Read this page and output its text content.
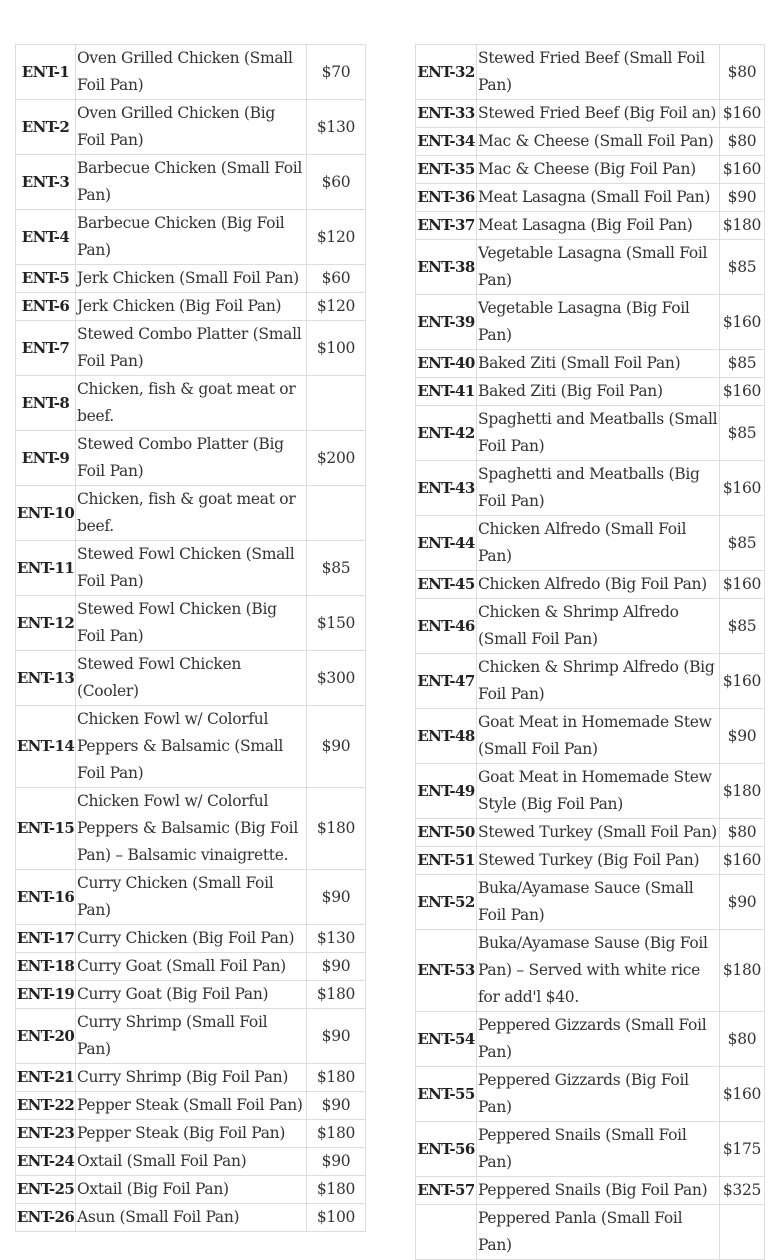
ENT-1	Oven Grilled Chicken (Small Foil Pan)	$70
ENT-2	Oven Grilled Chicken (Big Foil Pan)	$130
ENT-3	Barbecue Chicken (Small Foil Pan)	$60
ENT-4	Barbecue Chicken (Big Foil Pan)	$120
ENT-5	Jerk Chicken (Small Foil Pan)	$60
ENT-6	Jerk Chicken (Big Foil Pan)	$120
ENT-7	Stewed Combo Platter (Small Foil Pan)	$100
ENT-8	Chicken, fish & goat meat or beef.	
ENT-9	Stewed Combo Platter (Big Foil Pan)	$200
ENT-10	Chicken, fish & goat meat or beef.	
ENT-11	Stewed Fowl Chicken (Small Foil Pan)	$85
ENT-12	Stewed Fowl Chicken (Big Foil Pan)	$150
ENT-13	Stewed Fowl Chicken (Cooler)	$300
ENT-14	Chicken Fowl w/ Colorful Peppers & Balsamic (Small Foil Pan)	$90
ENT-15	Chicken Fowl w/ Colorful Peppers & Balsamic (Big Foil Pan) – Balsamic vinaigrette.	$180
ENT-16	Curry Chicken (Small Foil Pan)	$90
ENT-17	Curry Chicken (Big Foil Pan)	$130
ENT-18	Curry Goat (Small Foil Pan)	$90
ENT-19	Curry Goat (Big Foil Pan)	$180
ENT-20	Curry Shrimp (Small Foil Pan)	$90
ENT-21	Curry Shrimp (Big Foil Pan)	$180
ENT-22	Pepper Steak (Small Foil Pan)	$90
ENT-23	Pepper Steak (Big Foil Pan)	$180
ENT-24	Oxtail (Small Foil Pan)	$90
ENT-25	Oxtail (Big Foil Pan)	$180
ENT-26	Asun (Small Foil Pan)	$100
ENT-32	Stewed Fried Beef (Small Foil Pan)	$80
ENT-33	Stewed Fried Beef (Big Foil an)	$160
ENT-34	Mac & Cheese (Small Foil Pan)	$80
ENT-35	Mac & Cheese (Big Foil Pan)	$160
ENT-36	Meat Lasagna (Small Foil Pan)	$90
ENT-37	Meat Lasagna (Big Foil Pan)	$180
ENT-38	Vegetable Lasagna (Small Foil Pan)	$85
ENT-39	Vegetable Lasagna (Big Foil Pan)	$160
ENT-40	Baked Ziti (Small Foil Pan)	$85
ENT-41	Baked Ziti (Big Foil Pan)	$160
ENT-42	Spaghetti and Meatballs (Small Foil Pan)	$85
ENT-43	Spaghetti and Meatballs (Big Foil Pan)	$160
ENT-44	Chicken Alfredo (Small Foil Pan)	$85
ENT-45	Chicken Alfredo (Big Foil Pan)	$160
ENT-46	Chicken & Shrimp Alfredo (Small Foil Pan)	$85
ENT-47	Chicken & Shrimp Alfredo (Big Foil Pan)	$160
ENT-48	Goat Meat in Homemade Stew (Small Foil Pan)	$90
ENT-49	Goat Meat in Homemade Stew Style (Big Foil Pan)	$180
ENT-50	Stewed Turkey (Small Foil Pan)	$80
ENT-51	Stewed Turkey (Big Foil Pan)	$160
ENT-52	Buka/Ayamase Sauce (Small Foil Pan)	$90
ENT-53	Buka/Ayamase Sause (Big Foil Pan) – Served with white rice for add'l $40.	$180
ENT-54	Peppered Gizzards (Small Foil Pan)	$80
ENT-55	Peppered Gizzards (Big Foil Pan)	$160
ENT-56	Peppered Snails (Small Foil Pan)	$175
ENT-57	Peppered Snails (Big Foil Pan)	$325
	Peppered Panla (Small Foil Pan)	
